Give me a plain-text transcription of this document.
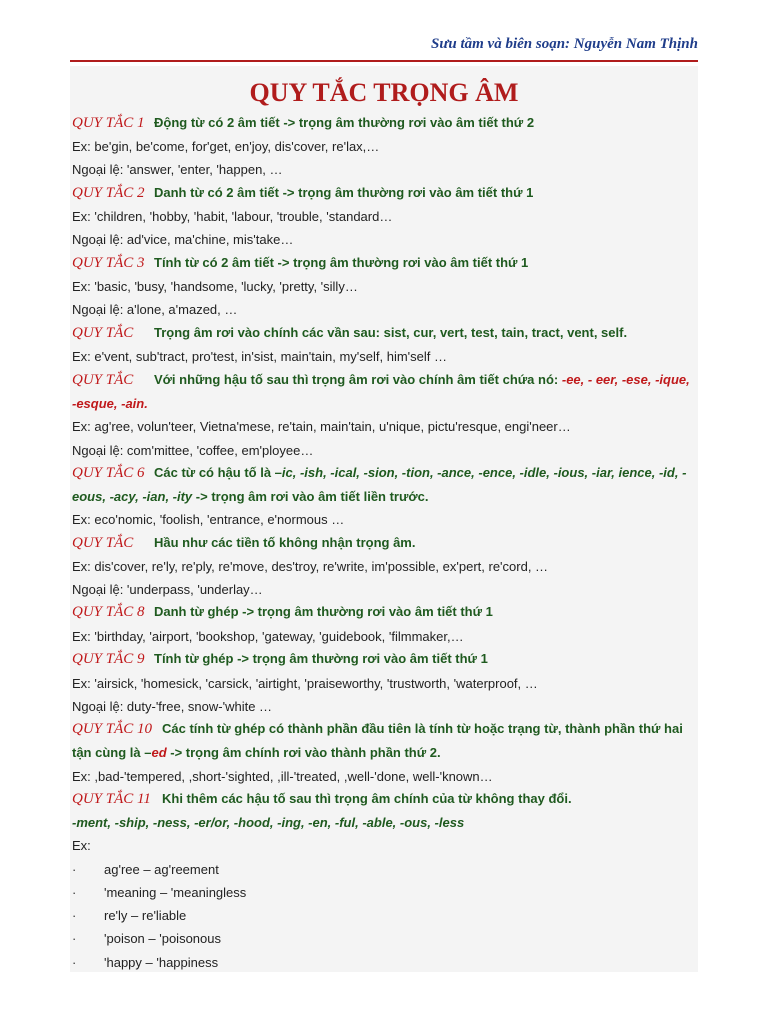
Sưu tầm và biên soạn: Nguyễn Nam Thịnh
QUY TẮC TRỌNG ÂM
QUY TẮC 1 Động từ có 2 âm tiết -> trọng âm thường rơi vào âm tiết thứ 2
Ex: be'gin, be'come, for'get, en'joy, dis'cover, re'lax,…
Ngoại lệ: 'answer, 'enter, 'happen, …
QUY TẮC 2 Danh từ có 2 âm tiết -> trọng âm thường rơi vào âm tiết thứ 1
Ex: 'children, 'hobby, 'habit, 'labour, 'trouble, 'standard…
Ngoại lệ: ad'vice, ma'chine, mis'take…
QUY TẮC 3 Tính từ có 2 âm tiết -> trọng âm thường rơi vào âm tiết thứ 1
Ex: 'basic, 'busy, 'handsome, 'lucky, 'pretty, 'silly…
Ngoại lệ: a'lone, a'mazed, …
QUY TẮC Trọng âm rơi vào chính các vần sau: sist, cur, vert, test, tain, tract, vent, self.
Ex: e'vent, sub'tract, pro'test, in'sist, main'tain, my'self, him'self …
QUY TẮC Với những hậu tố sau thì trọng âm rơi vào chính âm tiết chứa nó: -ee, - eer, -ese, -ique,
-esque, -ain.
Ex: ag'ree, volun'teer, Vietna'mese, re'tain, main'tain, u'nique, pictu'resque, engi'neer…
Ngoại lệ: com'mittee, 'coffee, em'ployee…
QUY TẮC 6 Các từ có hậu tố là –ic, -ish, -ical, -sion, -tion, -ance, -ence, -idle, -ious, -iar, ience, -id, -
eous, -acy, -ian, -ity -> trọng âm rơi vào âm tiết liền trước.
Ex: eco'nomic, 'foolish, 'entrance, e'normous …
QUY TẮC Hầu như các tiền tố không nhận trọng âm.
Ex: dis'cover, re'ly, re'ply, re'move, des'troy, re'write, im'possible, ex'pert, re'cord, …
Ngoại lệ: 'underpass, 'underlay…
QUY TẮC 8 Danh từ ghép -> trọng âm thường rơi vào âm tiết thứ 1
Ex: 'birthday, 'airport, 'bookshop, 'gateway, 'guidebook, 'filmmaker,…
QUY TẮC 9 Tính từ ghép -> trọng âm thường rơi vào âm tiết thứ 1
Ex: 'airsick, 'homesick, 'carsick, 'airtight, 'praiseworthy, 'trustworth, 'waterproof, …
Ngoại lệ: duty-'free, snow-'white …
QUY TẮC 10 Các tính từ ghép có thành phần đầu tiên là tính từ hoặc trạng từ, thành phần thứ hai
tận cùng là –ed -> trọng âm chính rơi vào thành phần thứ 2.
Ex: ,bad-'tempered, ,short-'sighted, ,ill-'treated, ,well-'done, well-'known…
QUY TẮC 11 Khi thêm các hậu tố sau thì trọng âm chính của từ không thay đổi.
-ment, -ship, -ness, -er/or, -hood, -ing, -en, -ful, -able, -ous, -less
Ex:
· ag'ree – ag'reement
· 'meaning – 'meaningless
· re'ly – re'liable
· 'poison – 'poisonous
· 'happy – 'happiness
